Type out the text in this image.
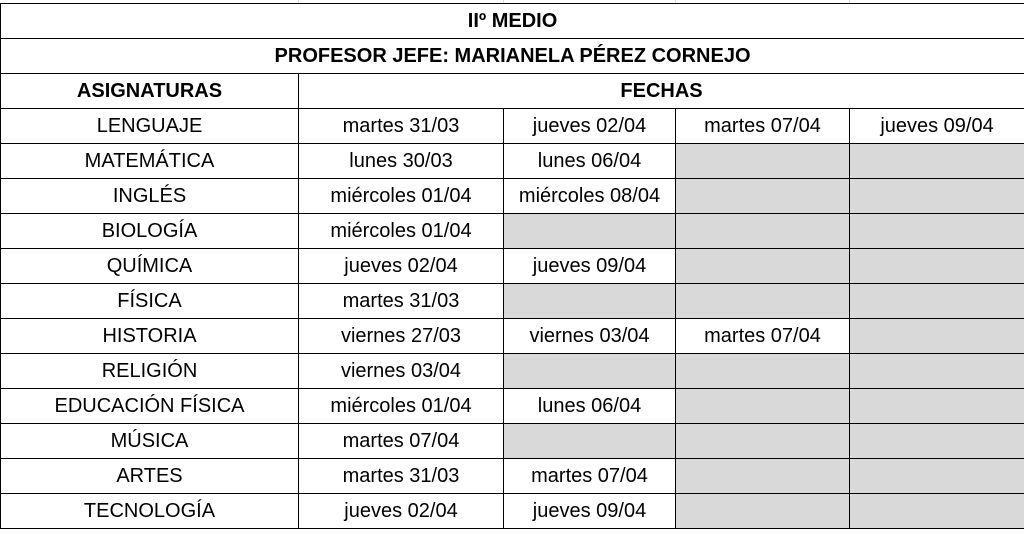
IIº MEDIO				
PROFESOR JEFE: MARIANELA PÉREZ CORNEJO				
ASIGNATURAS	FECHAS			
LENGUAJE	martes 31/03	jueves 02/04	martes 07/04	jueves 09/04
MATEMÁTICA	lunes 30/03	lunes 06/04		
INGLÉS	miércoles 01/04	miércoles 08/04		
BIOLOGÍA	miércoles 01/04			
QUÍMICA	jueves 02/04	jueves 09/04		
FÍSICA	martes 31/03			
HISTORIA	viernes 27/03	viernes 03/04	martes 07/04	
RELIGIÓN	viernes 03/04			
EDUCACIÓN FÍSICA	miércoles 01/04	lunes 06/04		
MÚSICA	martes 07/04			
ARTES	martes 31/03	martes 07/04		
TECNOLOGÍA	jueves 02/04	jueves 09/04		
